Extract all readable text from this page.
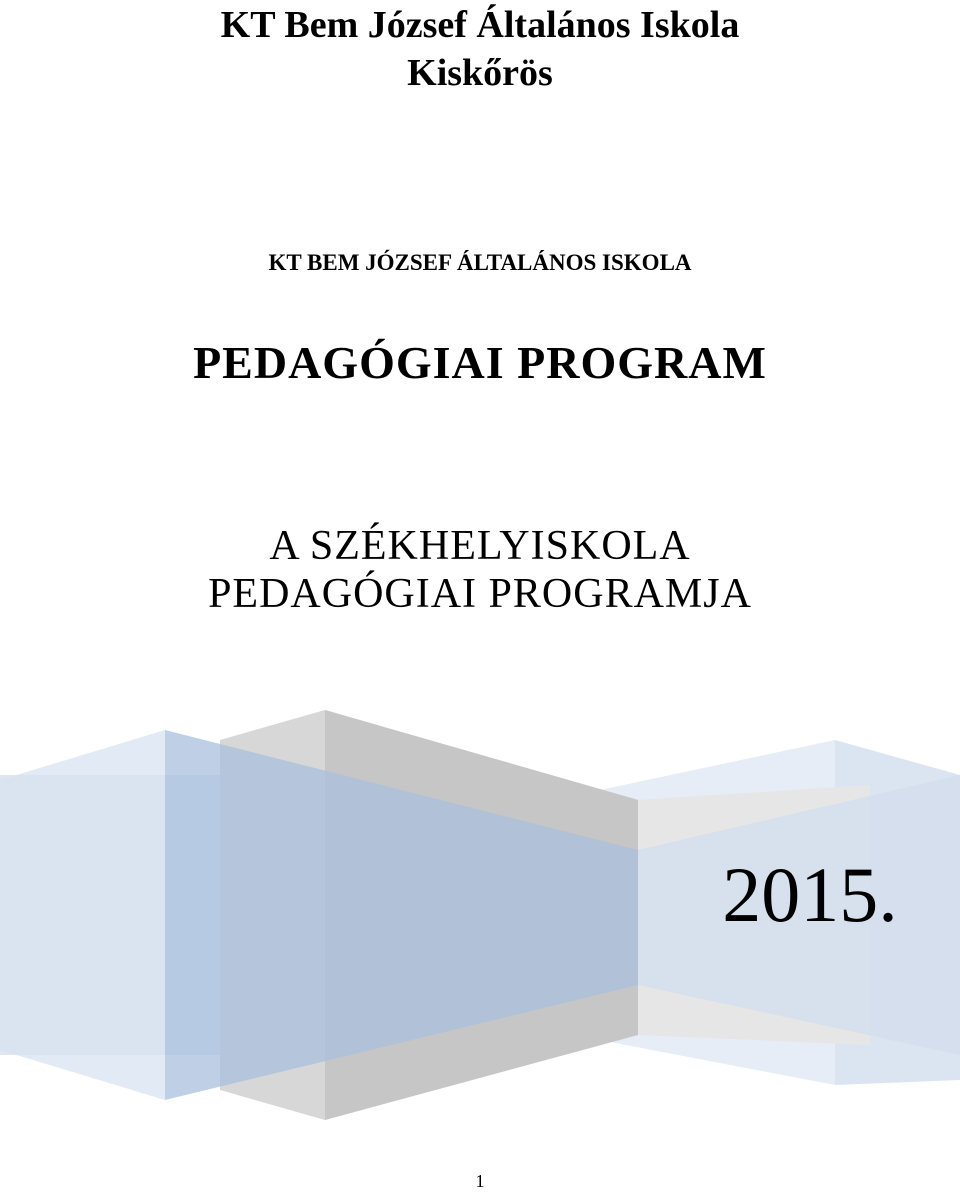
KT Bem József Általános Iskola
Kiskőrös
KT BEM JÓZSEF ÁLTALÁNOS ISKOLA
PEDAGÓGIAI PROGRAM
A SZÉKHELYISKOLA
PEDAGÓGIAI PROGRAMJA
2015.
1
